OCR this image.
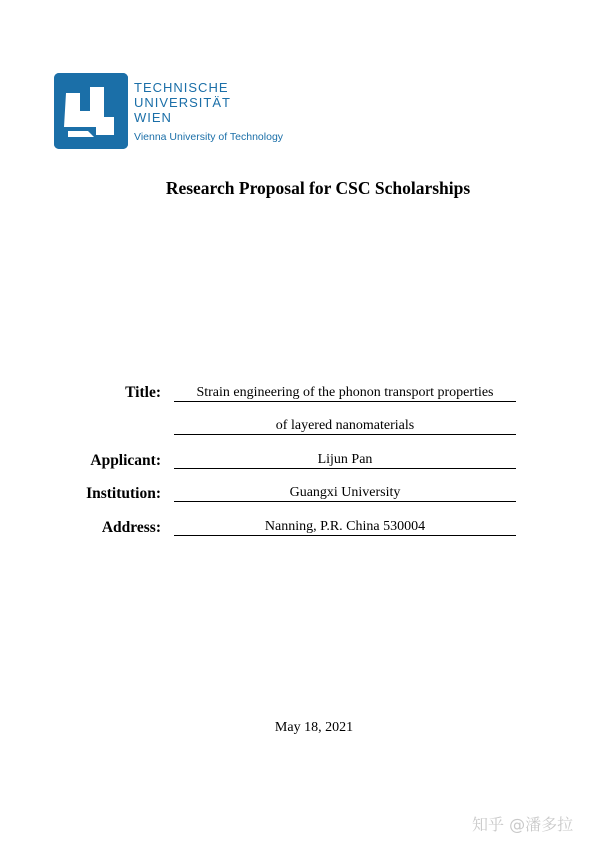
TECHNISCHE
UNIVERSITÄT
WIEN
Vienna University of Technology
Research Proposal for CSC Scholarships
Title:	Strain engineering of the phonon transport properties
of layered nanomaterials
Applicant:	Lijun Pan
Institution:	Guangxi University
Address:	Nanning, P.R. China 530004
May 18, 2021
知乎 @潘多拉
